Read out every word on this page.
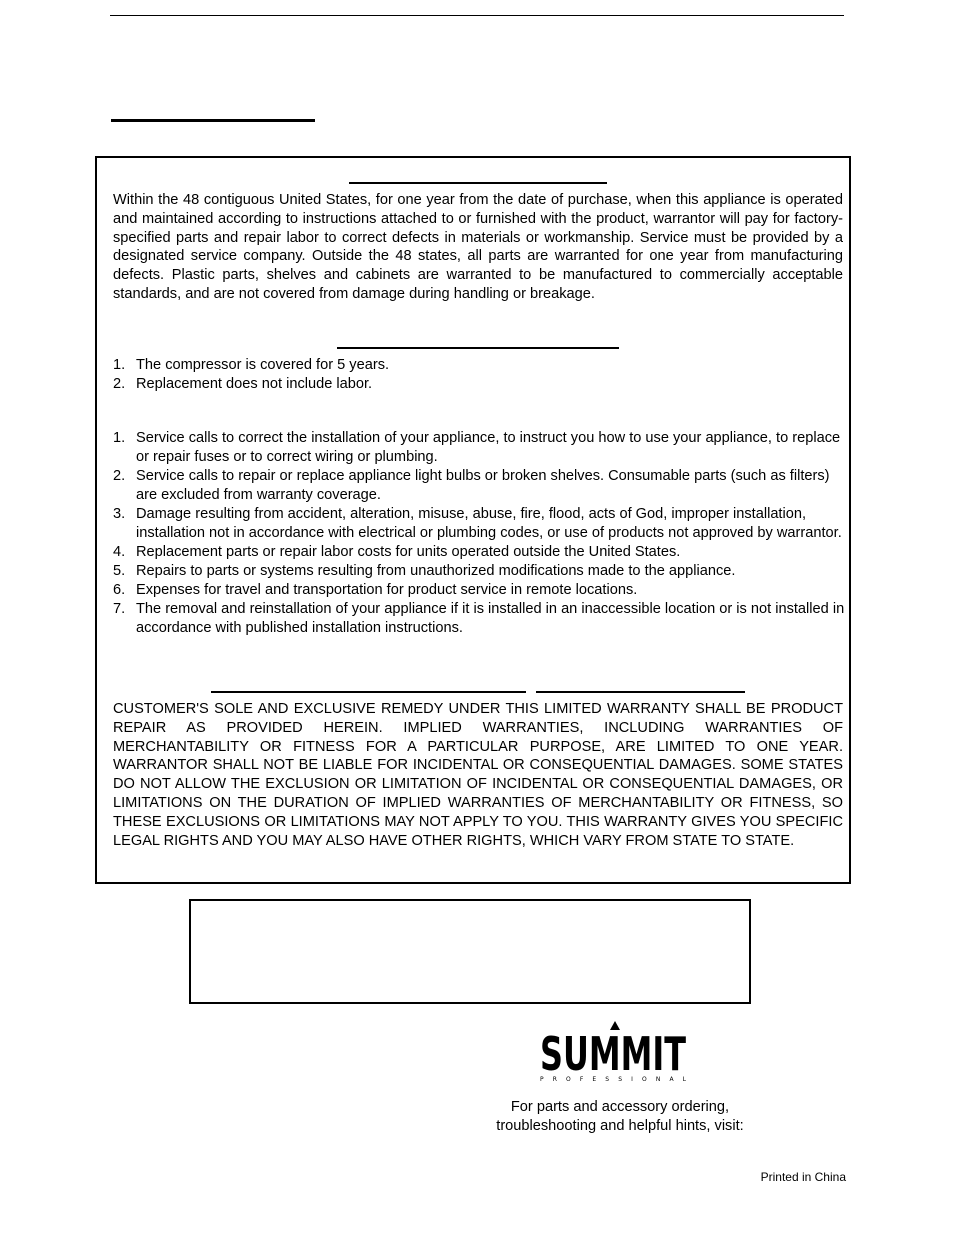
Within the 48 contiguous United States, for one year from the date of purchase, when this appliance is operated and maintained according to instructions attached to or furnished with the product, warrantor will pay for factory-specified parts and repair labor to correct defects in materials or workmanship. Service must be provided by a designated service company. Outside the 48 states, all parts are warranted for one year from manufacturing defects. Plastic parts, shelves and cabinets are warranted to be manufactured to commercially acceptable standards, and are not covered from damage during handling or breakage.
1. The compressor is covered for 5 years.
2. Replacement does not include labor.
1. Service calls to correct the installation of your appliance, to instruct you how to use your appliance, to replace or repair fuses or to correct wiring or plumbing.
2. Service calls to repair or replace appliance light bulbs or broken shelves. Consumable parts (such as filters) are excluded from warranty coverage.
3. Damage resulting from accident, alteration, misuse, abuse, fire, flood, acts of God, improper installation, installation not in accordance with electrical or plumbing codes, or use of products not approved by warrantor.
4. Replacement parts or repair labor costs for units operated outside the United States.
5. Repairs to parts or systems resulting from unauthorized modifications made to the appliance.
6. Expenses for travel and transportation for product service in remote locations.
7. The removal and reinstallation of your appliance if it is installed in an inaccessible location or is not installed in accordance with published installation instructions.
CUSTOMER'S SOLE AND EXCLUSIVE REMEDY UNDER THIS LIMITED WARRANTY SHALL BE PRODUCT REPAIR AS PROVIDED HEREIN. IMPLIED WARRANTIES, INCLUDING WARRANTIES OF MERCHANTABILITY OR FITNESS FOR A PARTICULAR PURPOSE, ARE LIMITED TO ONE YEAR. WARRANTOR SHALL NOT BE LIABLE FOR INCIDENTAL OR CONSEQUENTIAL DAMAGES. SOME STATES DO NOT ALLOW THE EXCLUSION OR LIMITATION OF INCIDENTAL OR CONSEQUENTIAL DAMAGES, OR LIMITATIONS ON THE DURATION OF IMPLIED WARRANTIES OF MERCHANTABILITY OR FITNESS, SO THESE EXCLUSIONS OR LIMITATIONS MAY NOT APPLY TO YOU. THIS WARRANTY GIVES YOU SPECIFIC LEGAL RIGHTS AND YOU MAY ALSO HAVE OTHER RIGHTS, WHICH VARY FROM STATE TO STATE.
SUMMIT
PROFESSIONAL
For parts and accessory ordering,
troubleshooting and helpful hints, visit:
Printed in China
